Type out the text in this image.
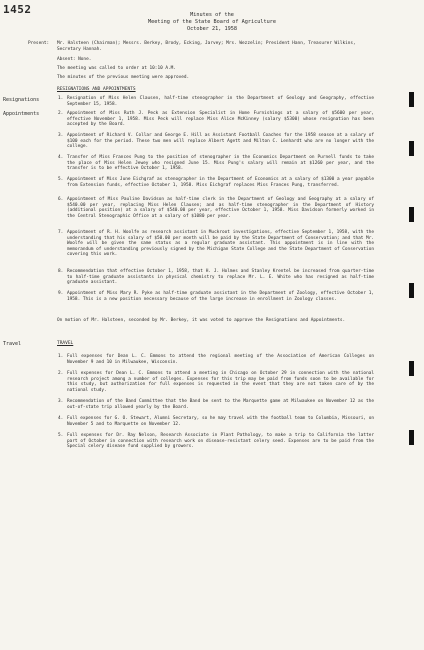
1452	Minutes of the
Meeting of the State Board of Agriculture
October 21, 1958
Present: Mr. Halsteen (Chairman); Messrs. Berkey, Brody, Ecking, Jarvey; Mrs. Wezzelin; President Hann, Treasurer Wilkins, Secretary Hannah.
Absent: None.
The meeting was called to order at 10:10 A.M.
The minutes of the previous meeting were approved.
RESIGNATIONS AND APPOINTMENTS
Resignations
Appointments
1. Resignation of Miss Helen Clausen, half-time stenographer in the Department of Geology and Geography, effective September 15, 1958.
2. Appointment of Miss Ruth J. Peck as Extension Specialist in Home Furnishings at a salary of $5600 per year, effective November 1, 1958. Miss Peck will replace Miss Alice McKinney (salary $5300) whose resignation has been accepted by the Board.
3. Appointment of Richard V. Collar and George E. Hill as Assistant Football Coaches for the 1958 season at a salary of $100 each for the period. These two men will replace Albert Agett and Milton C. Lenhardt who are no longer with the college.
4. Transfer of Miss Frances Pung to the position of stenographer in the Economics Department on Purnell funds to take the place of Miss Helen Jewey who resigned June 15. Miss Pung's salary will remain at $1260 per year, and the transfer is to be effective October 1, 1958.
5. Appointment of Miss June Eichgraf as stenographer in the Department of Economics at a salary of $1300 a year payable from Extension funds, effective October 1, 1958. Miss Eichgraf replaces Miss Frances Pung, transferred.
6. Appointment of Miss Pauline Davidson as half-time clerk in the Department of Geology and Geography at a salary of $540.00 per year, replacing Miss Helen Clausen; and as half-time stenographer in the Department of History (additional position) at a salary of $540.00 per year, effective October 1, 1958. Miss Davidson formerly worked in the Central Stenographic Office at a salary of $1080 per year.
7. Appointment of R. H. Woolfe as research assistant in Muckroot investigations, effective September 1, 1958, with the understanding that his salary of $50.00 per month will be paid by the State Department of Conservation; and that Mr. Woolfe will be given the same status as a regular graduate assistant. This appointment is in line with the memorandum of understanding previously signed by the Michigan State College and the State Department of Conservation covering this work.
8. Recommendation that effective October 1, 1958, that H. J. Holmes and Stanley Krentel be increased from quarter-time to half-time graduate assistants in physical chemistry to replace Mr. L. E. White who has resigned as half-time graduate assistant.
9. Appointment of Miss Mary R. Pyke as half-time graduate assistant in the Department of Zoology, effective October 1, 1958. This is a new position necessary because of the large increase in enrollment in Zoology classes.
On motion of Mr. Halsteen, seconded by Mr. Berkey, it was voted to approve the Resignations and Appointments.
Travel	TRAVEL
1. Full expenses for Dean L. C. Emmons to attend the regional meeting of the Association of American Colleges on November 9 and 10 in Milwaukee, Wisconsin.
2. Full expenses for Dean L. C. Emmons to attend a meeting in Chicago on October 29 in connection with the national research project among a number of colleges. Expenses for this trip may be paid from funds soon to be available for this study, but authorization for full expenses is requested in the event that they are not taken care of by the national study.
3. Recommendation of the Band Committee that the Band be sent to the Marquette game at Milwaukee on November 12 as the out-of-state trip allowed yearly by the Board.
4. Full expenses for G. O. Stewart, Alumni Secretary, so he may travel with the football team to Columbia, Missouri, on November 5 and to Marquette on November 12.
5. Full expenses for Dr. Ray Nelson, Research Associate in Plant Pathology, to make a trip to California the latter part of October in connection with research work on disease-resistant celery seed. Expenses are to be paid from the Special celery disease fund supplied by growers.
